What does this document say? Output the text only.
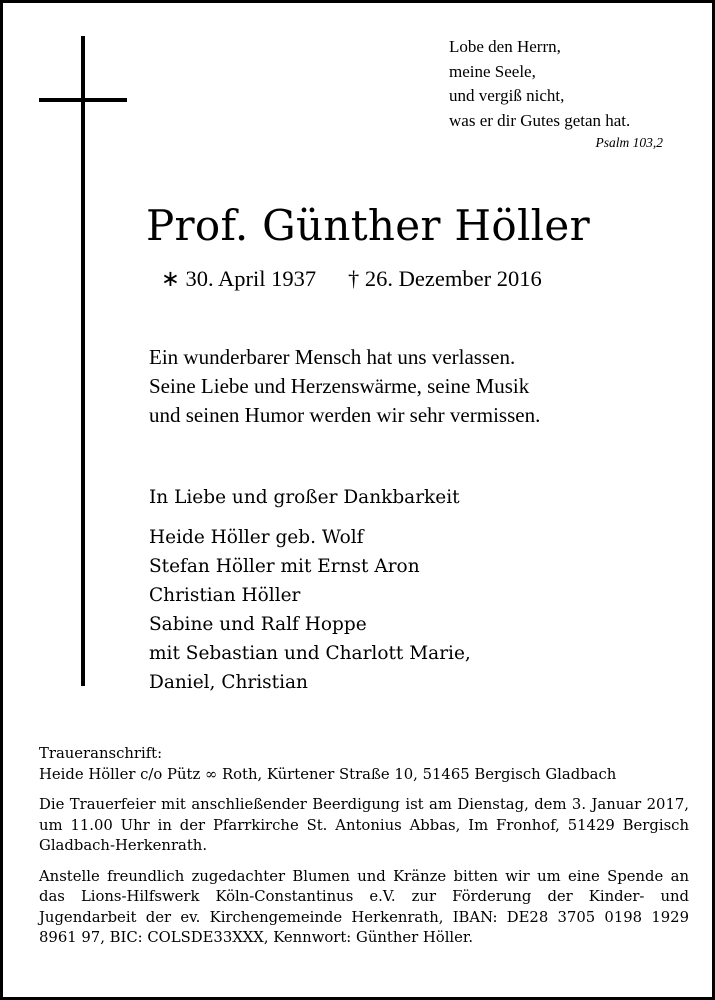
Lobe den Herrn,
meine Seele,
und vergiß nicht,
was er dir Gutes getan hat.
Psalm 103,2
Prof. Günther Höller
∗ 30. April 1937 † 26. Dezember 2016
Ein wunderbarer Mensch hat uns verlassen.
Seine Liebe und Herzenswärme, seine Musik
und seinen Humor werden wir sehr vermissen.
In Liebe und großer Dankbarkeit
Heide Höller geb. Wolf
Stefan Höller mit Ernst Aron
Christian Höller
Sabine und Ralf Hoppe
mit Sebastian und Charlott Marie,
Daniel, Christian

Traueranschrift:
Heide Höller c/o Pütz ∞ Roth, Kürtener Straße 10, 51465 Bergisch Gladbach

Die Trauerfeier mit anschließender Beerdigung ist am Dienstag, dem 3. Januar 2017, um 11.00 Uhr in der Pfarrkirche St. Antonius Abbas, Im Fronhof, 51429 Bergisch Gladbach-Herkenrath.

Anstelle freundlich zugedachter Blumen und Kränze bitten wir um eine Spende an das Lions-Hilfswerk Köln-Constantinus e.V. zur Förderung der Kinder- und Jugendarbeit der ev. Kirchengemeinde Herkenrath, IBAN: DE28 3705 0198 1929 8961 97, BIC: COLSDE33XXX, Kennwort: Günther Höller.
